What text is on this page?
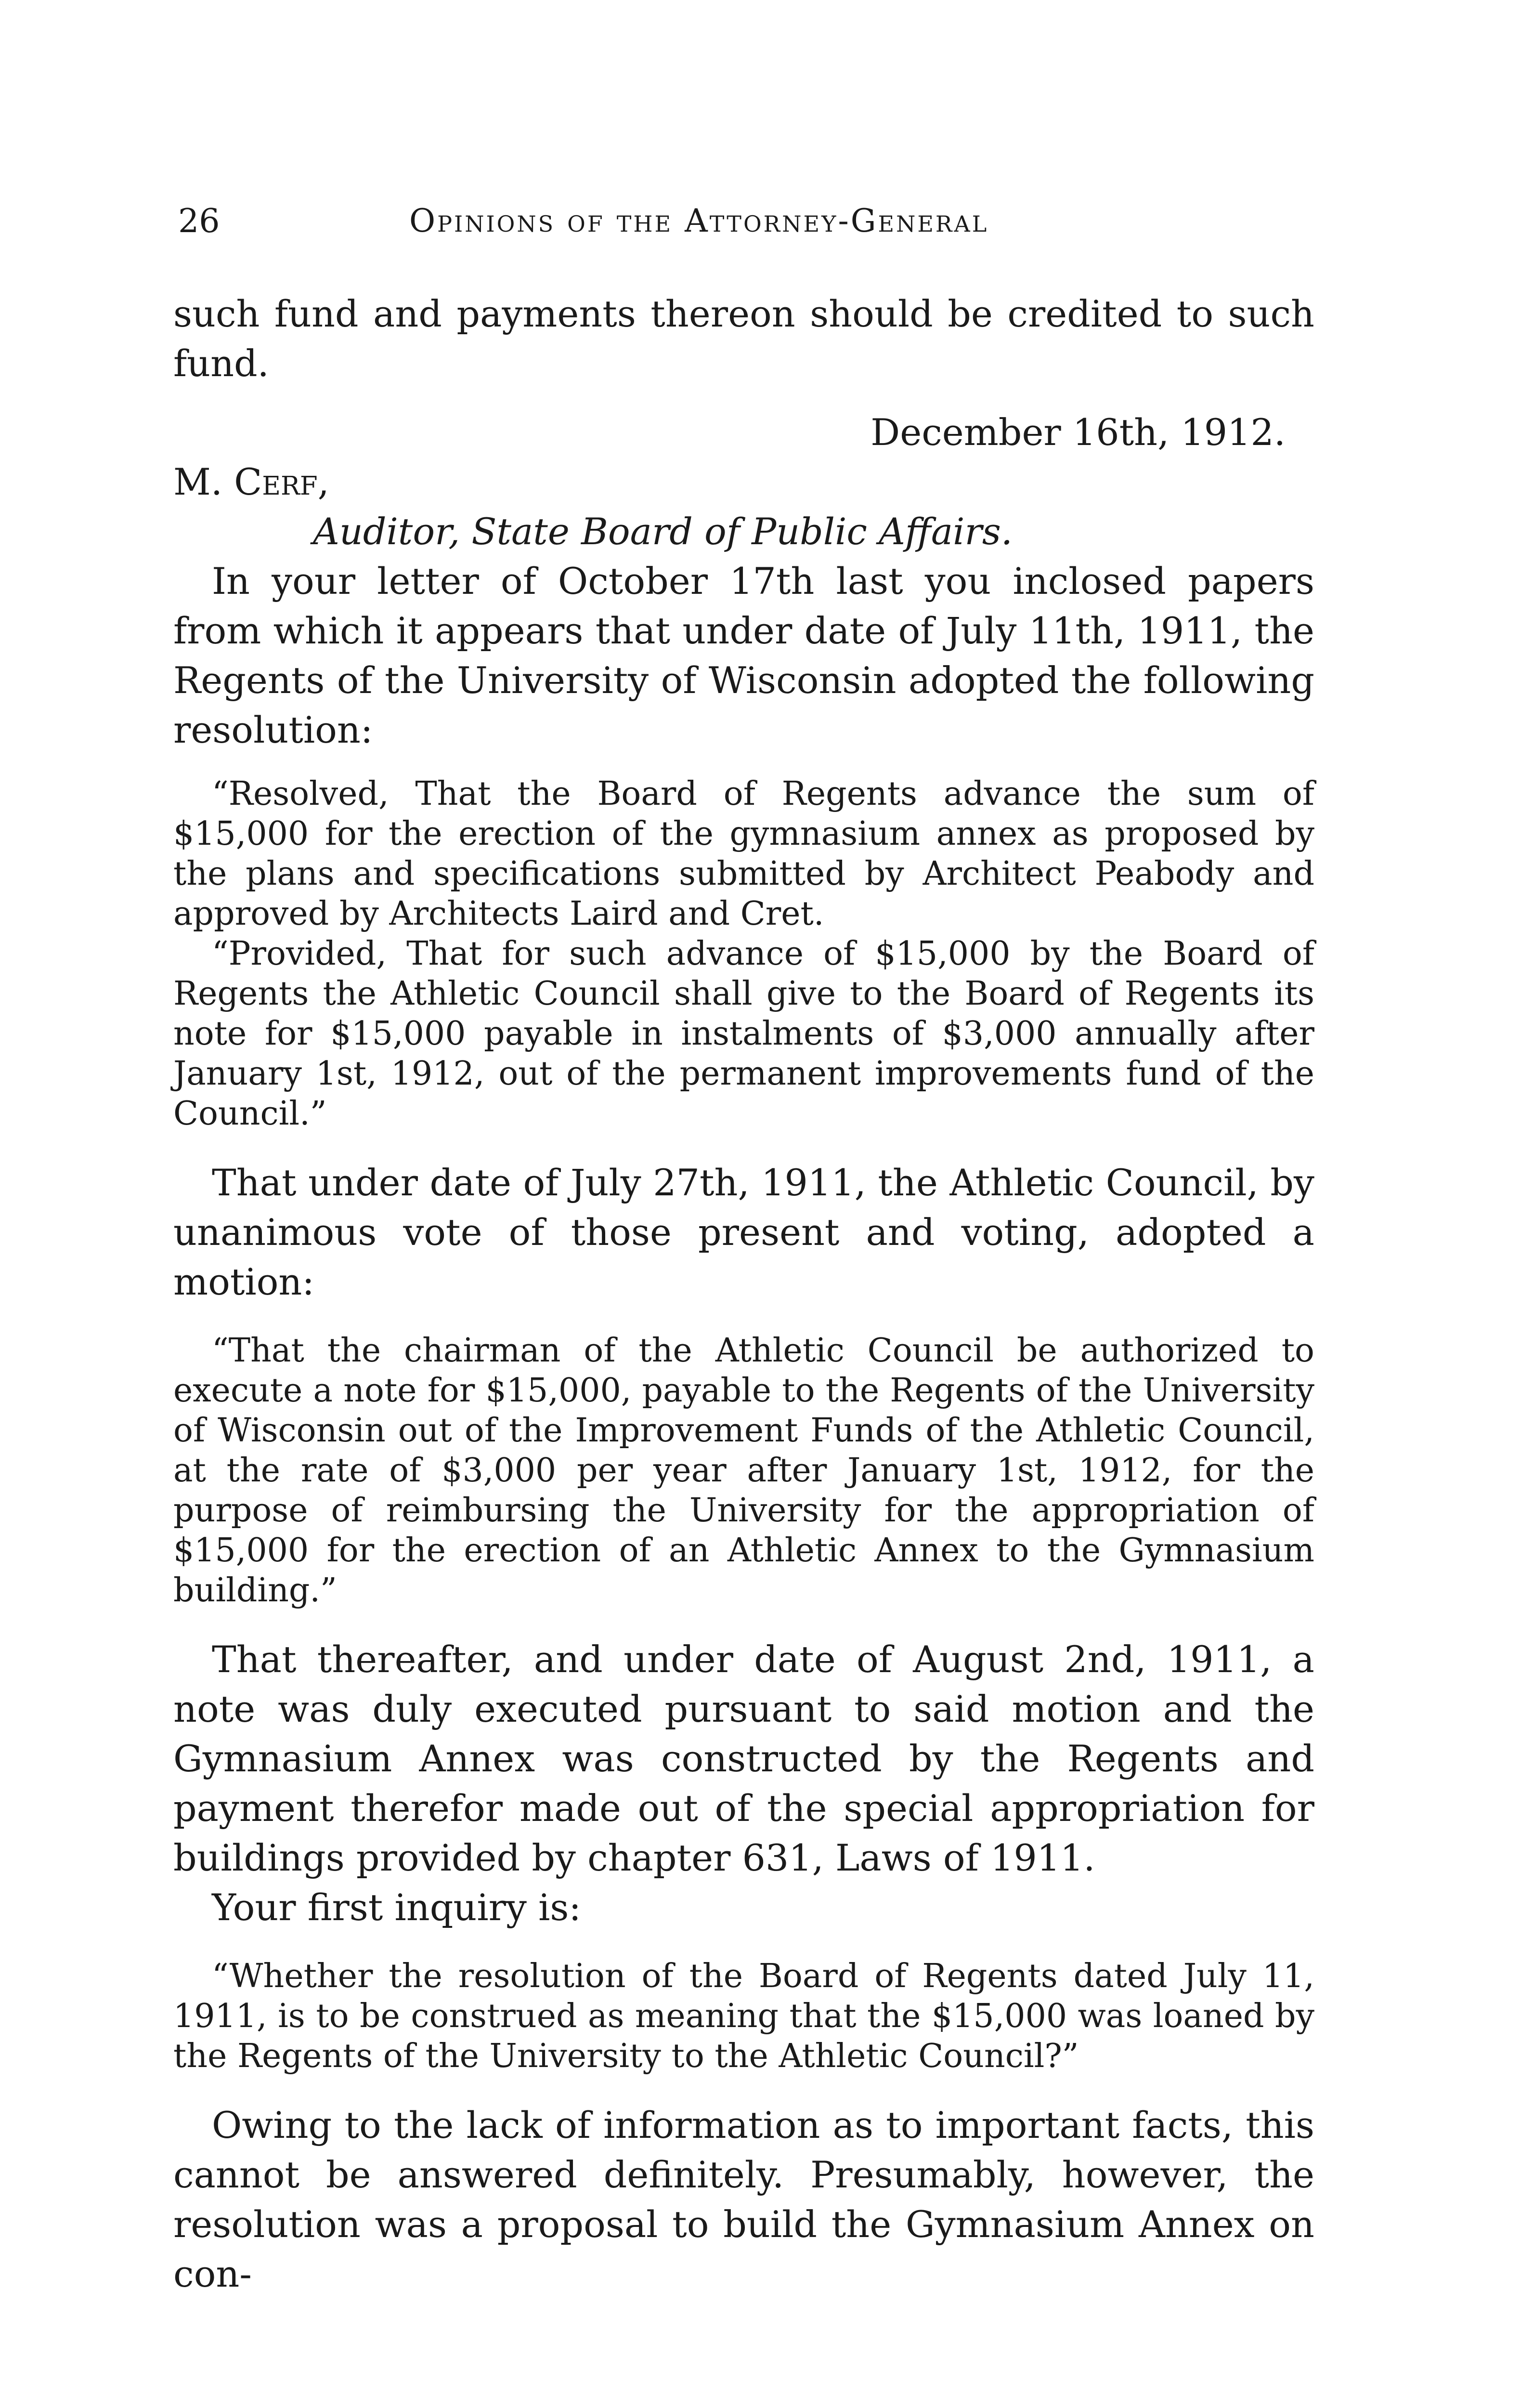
26	Opinions of the Attorney-General

such fund and payments thereon should be credited to such fund.

December 16th, 1912.

M. Cerf,

Auditor, State Board of Public Affairs.

In your letter of October 17th last you inclosed papers from which it appears that under date of July 11th, 1911, the Regents of the University of Wisconsin adopted the following resolution:

“Resolved, That the Board of Regents advance the sum of $15,000 for the erection of the gymnasium annex as proposed by the plans and specifications submitted by Architect Peabody and approved by Architects Laird and Cret.

“Provided, That for such advance of $15,000 by the Board of Regents the Athletic Council shall give to the Board of Regents its note for $15,000 payable in instalments of $3,000 annually after January 1st, 1912, out of the permanent improvements fund of the Council.”

That under date of July 27th, 1911, the Athletic Council, by unanimous vote of those present and voting, adopted a motion:

“That the chairman of the Athletic Council be authorized to execute a note for $15,000, payable to the Regents of the University of Wisconsin out of the Improvement Funds of the Athletic Council, at the rate of $3,000 per year after January 1st, 1912, for the purpose of reimbursing the University for the appropriation of $15,000 for the erection of an Athletic Annex to the Gymnasium building.”

That thereafter, and under date of August 2nd, 1911, a note was duly executed pursuant to said motion and the Gymnasium Annex was constructed by the Regents and payment therefor made out of the special appropriation for buildings provided by chapter 631, Laws of 1911.

Your first inquiry is:

“Whether the resolution of the Board of Regents dated July 11, 1911, is to be construed as meaning that the $15,000 was loaned by the Regents of the University to the Athletic Council?”

Owing to the lack of information as to important facts, this cannot be answered definitely. Presumably, however, the resolution was a proposal to build the Gymnasium Annex on con-
